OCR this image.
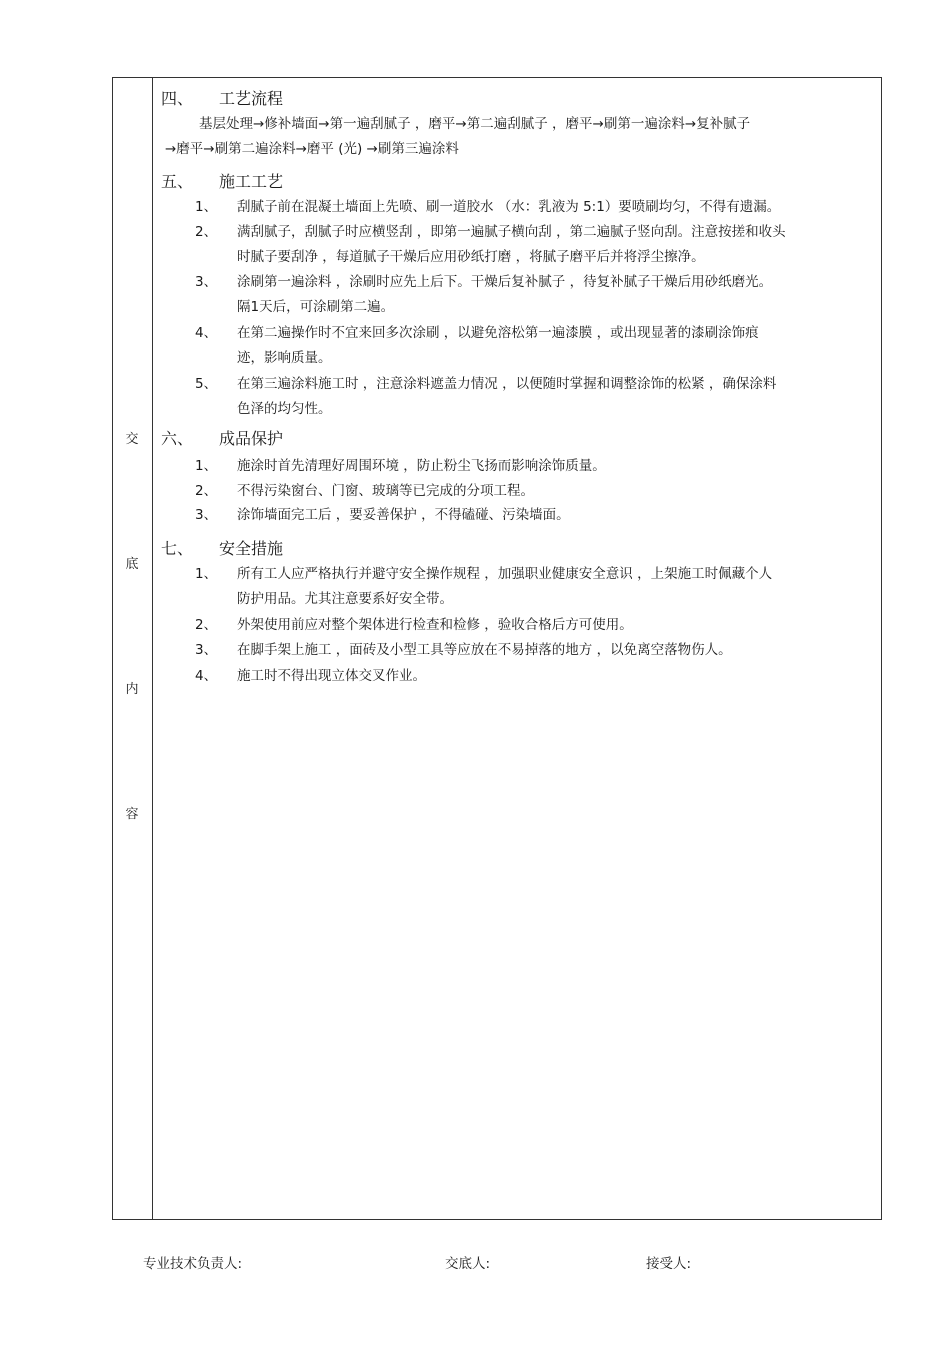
交
底
内
容
四、 工艺流程
基层处理→修补墙面→第一遍刮腻子 ，磨平→第二遍刮腻子 ，磨平→刷第一遍涂料→复补腻子
→磨平→刷第二遍涂料→磨平 (光) →刷第三遍涂料
五、 施工工艺
1、 刮腻子前在混凝土墙面上先喷、刷一道胶水 （水：乳液为 5:1）要喷刷均匀，不得有遗漏。
2、 满刮腻子，刮腻子时应横竖刮 ，即第一遍腻子横向刮 ，第二遍腻子竖向刮。注意按搓和收头
时腻子要刮净 ，每道腻子干燥后应用砂纸打磨 ，将腻子磨平后并将浮尘擦净。
3、 涂刷第一遍涂料 ，涂刷时应先上后下。干燥后复补腻子 ，待复补腻子干燥后用砂纸磨光。
隔1天后，可涂刷第二遍。
4、 在第二遍操作时不宜来回多次涂刷 ，以避免溶松第一遍漆膜 ，或出现显著的漆刷涂饰痕
迹，影响质量。
5、 在第三遍涂料施工时 ，注意涂料遮盖力情况 ，以便随时掌握和调整涂饰的松紧 ，确保涂料
色泽的均匀性。
六、 成品保护
1、 施涂时首先清理好周围环境 ，防止粉尘飞扬而影响涂饰质量。
2、 不得污染窗台、门窗、玻璃等已完成的分项工程。
3、 涂饰墙面完工后 ，要妥善保护 ，不得磕碰、污染墙面。
七、 安全措施
1、 所有工人应严格执行并避守安全操作规程 ，加强职业健康安全意识 ，上架施工时佩藏个人
防护用品。尤其注意要系好安全带。
2、 外架使用前应对整个架体进行检查和检修 ，验收合格后方可使用。
3、 在脚手架上施工 ，面砖及小型工具等应放在不易掉落的地方 ，以免离空落物伤人。
4、 施工时不得出现立体交叉作业。
专业技术负责人:	交底人:	接受人:
